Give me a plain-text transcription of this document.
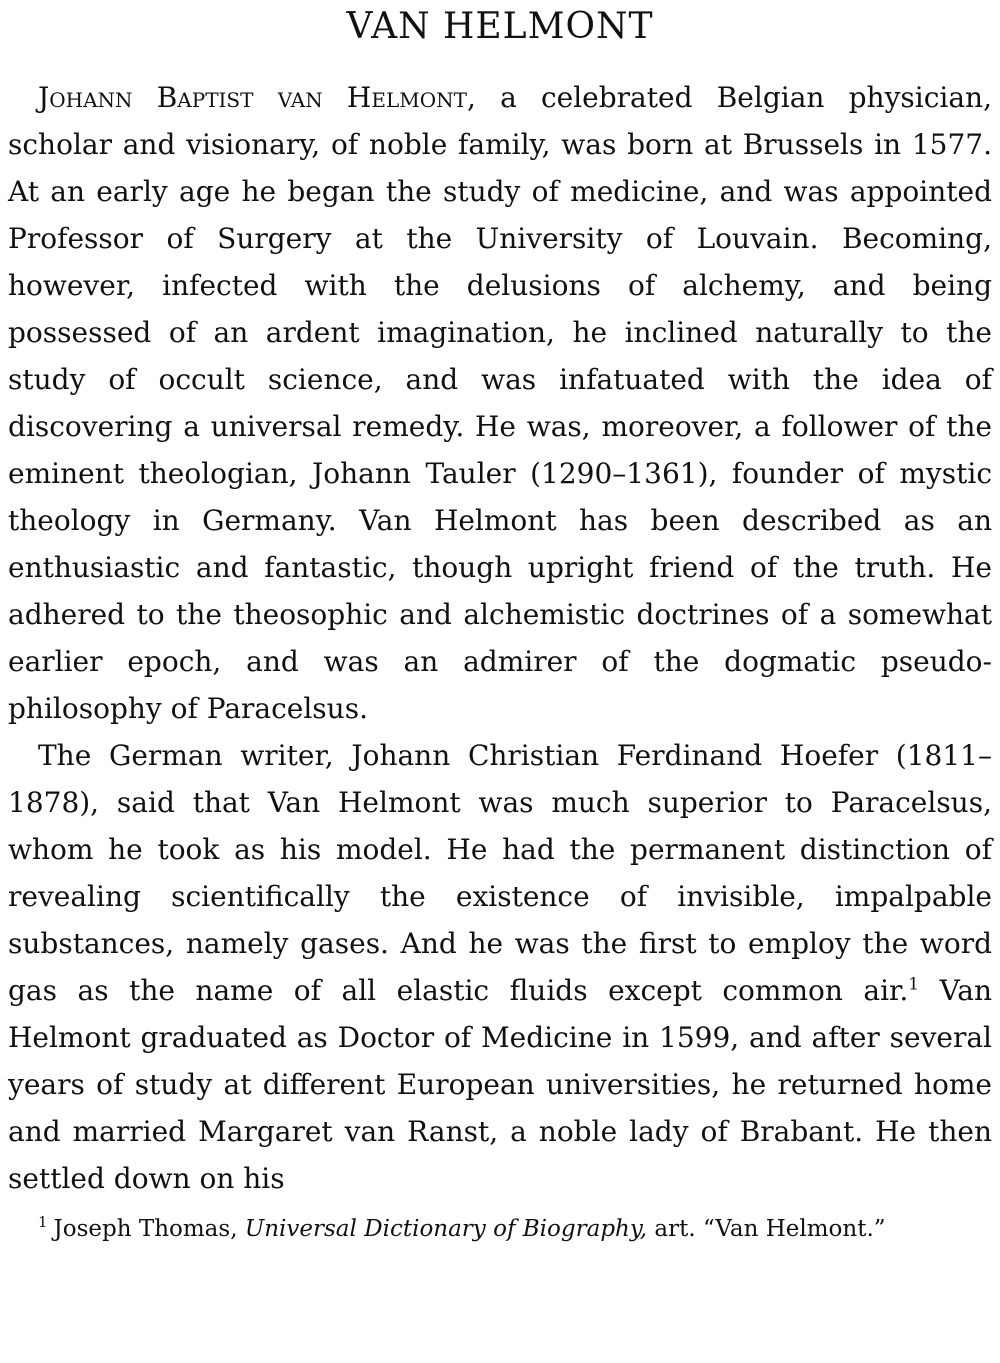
VAN HELMONT

Johann Baptist van Helmont, a celebrated Belgian physician, scholar and visionary, of noble family, was born at Brussels in 1577. At an early age he began the study of medicine, and was appointed Professor of Surgery at the University of Louvain. Becoming, however, infected with the delusions of alchemy, and being possessed of an ardent imagination, he inclined naturally to the study of occult science, and was infatuated with the idea of discovering a universal remedy. He was, moreover, a follower of the eminent theologian, Johann Tauler (1290–1361), founder of mystic theology in Germany. Van Helmont has been described as an enthusiastic and fantastic, though upright friend of the truth. He adhered to the theosophic and alchemistic doctrines of a somewhat earlier epoch, and was an admirer of the dogmatic pseudo-philosophy of Paracelsus.

The German writer, Johann Christian Ferdinand Hoefer (1811–1878), said that Van Helmont was much superior to Paracelsus, whom he took as his model. He had the permanent distinction of revealing scientifically the existence of invisible, impalpable substances, namely gases. And he was the first to employ the word gas as the name of all elastic fluids except common air.$^1$ Van Helmont graduated as Doctor of Medicine in 1599, and after several years of study at different European universities, he returned home and married Margaret van Ranst, a noble lady of Brabant. He then settled down on his

$^1$ Joseph Thomas, Universal Dictionary of Biography, art. “Van Helmont.”
